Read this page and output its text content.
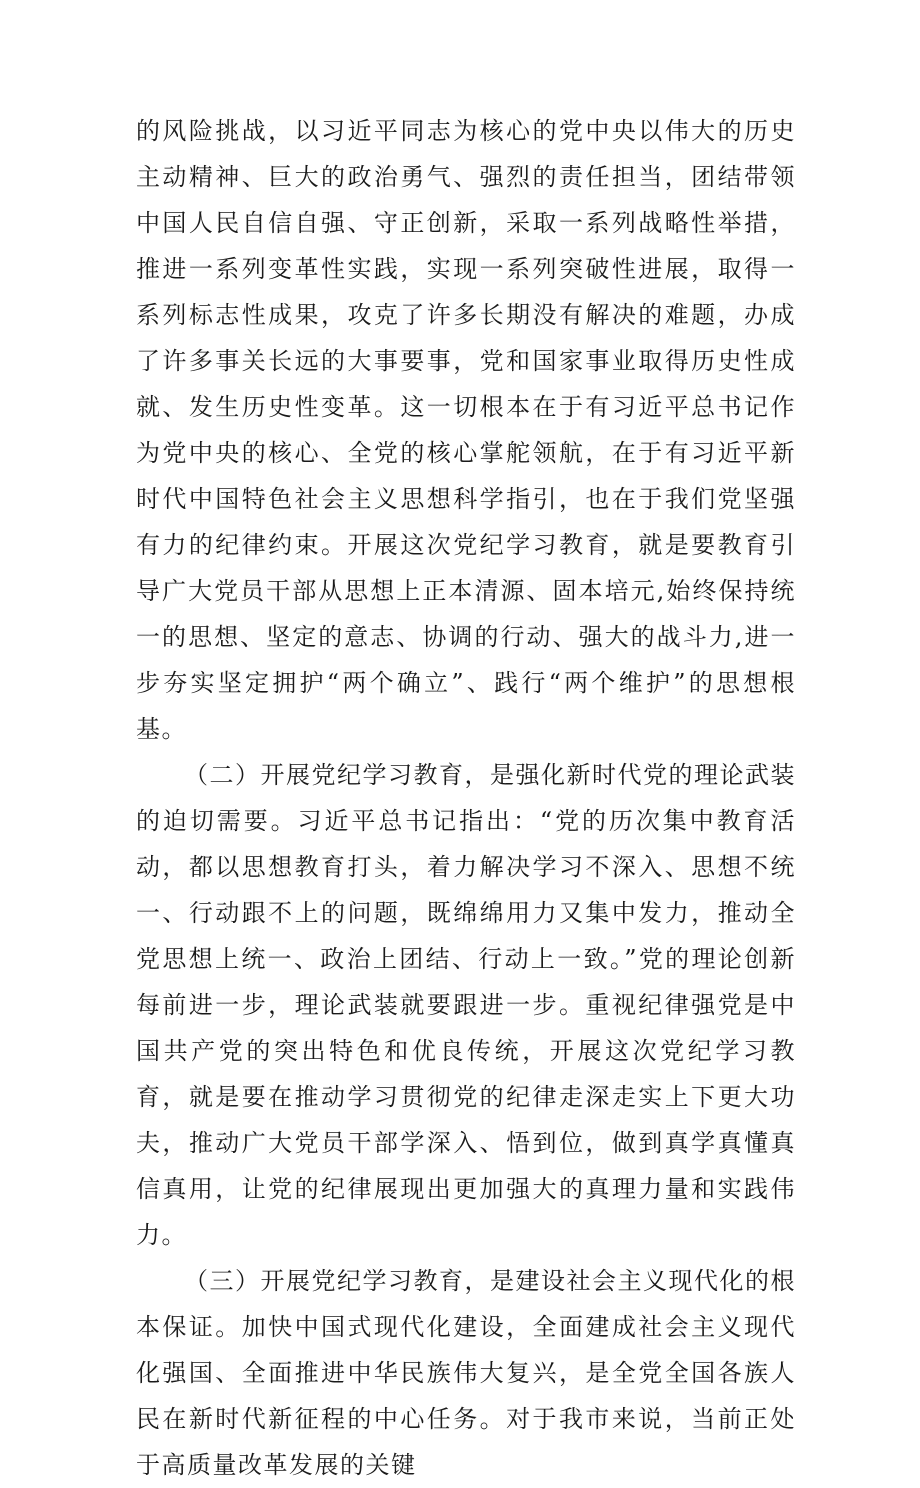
的风险挑战，以习近平同志为核心的党中央以伟大的历史主动精神、巨大的政治勇气、强烈的责任担当，团结带领中国人民自信自强、守正创新，采取一系列战略性举措，推进一系列变革性实践，实现一系列突破性进展，取得一系列标志性成果，攻克了许多长期没有解决的难题，办成了许多事关长远的大事要事，党和国家事业取得历史性成就、发生历史性变革。这一切根本在于有习近平总书记作为党中央的核心、全党的核心掌舵领航，在于有习近平新时代中国特色社会主义思想科学指引，也在于我们党坚强有力的纪律约束。开展这次党纪学习教育，就是要教育引导广大党员干部从思想上正本清源、固本培元,始终保持统一的思想、坚定的意志、协调的行动、强大的战斗力,进一步夯实坚定拥护“两个确立”、践行“两个维护”的思想根基。

（二）开展党纪学习教育，是强化新时代党的理论武装的迫切需要。习近平总书记指出：“党的历次集中教育活动，都以思想教育打头，着力解决学习不深入、思想不统一、行动跟不上的问题，既绵绵用力又集中发力，推动全党思想上统一、政治上团结、行动上一致。”党的理论创新每前进一步，理论武装就要跟进一步。重视纪律强党是中国共产党的突出特色和优良传统，开展这次党纪学习教育，就是要在推动学习贯彻党的纪律走深走实上下更大功夫，推动广大党员干部学深入、悟到位，做到真学真懂真信真用，让党的纪律展现出更加强大的真理力量和实践伟力。

（三）开展党纪学习教育，是建设社会主义现代化的根本保证。加快中国式现代化建设，全面建成社会主义现代化强国、全面推进中华民族伟大复兴，是全党全国各族人民在新时代新征程的中心任务。对于我市来说，当前正处于高质量改革发展的关键
